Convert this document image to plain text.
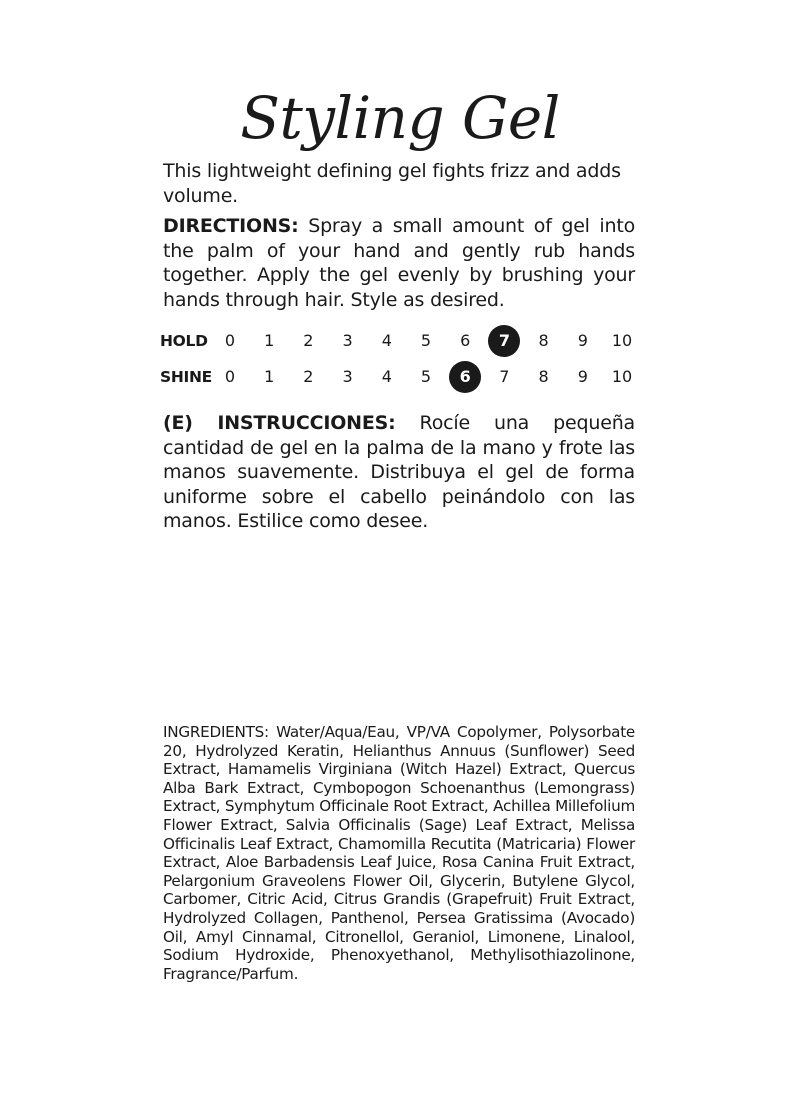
Styling Gel

This lightweight defining gel fights frizz and adds volume.

DIRECTIONS: Spray a small amount of gel into the palm of your hand and gently rub hands together. Apply the gel evenly by brushing your hands through hair. Style as desired.

HOLD	0	1	2	3	4	5	6	7	8	9	10
SHINE 0	1	2	3	4	5	6	7	8	9	10

(E) INSTRUCCIONES: Rocíe una pequeña cantidad de gel en la palma de la mano y frote las manos suavemente. Distribuya el gel de forma uniforme sobre el cabello peinándolo con las manos. Estilice como desee.

INGREDIENTS: Water/Aqua/Eau, VP/VA Copolymer, Polysorbate 20, Hydrolyzed Keratin, Helianthus Annuus (Sunflower) Seed Extract, Hamamelis Virginiana (Witch Hazel) Extract, Quercus Alba Bark Extract, Cymbopogon Schoenanthus (Lemongrass) Extract, Symphytum Officinale Root Extract, Achillea Millefolium Flower Extract, Salvia Officinalis (Sage) Leaf Extract, Melissa Officinalis Leaf Extract, Chamomilla Recutita (Matricaria) Flower Extract, Aloe Barbadensis Leaf Juice, Rosa Canina Fruit Extract, Pelargonium Graveolens Flower Oil, Glycerin, Butylene Glycol, Carbomer, Citric Acid, Citrus Grandis (Grapefruit) Fruit Extract, Hydrolyzed Collagen, Panthenol, Persea Gratissima (Avocado) Oil, Amyl Cinnamal, Citronellol, Geraniol, Limonene, Linalool, Sodium Hydroxide, Phenoxyethanol, Methylisothiazolinone, Fragrance/Parfum.
